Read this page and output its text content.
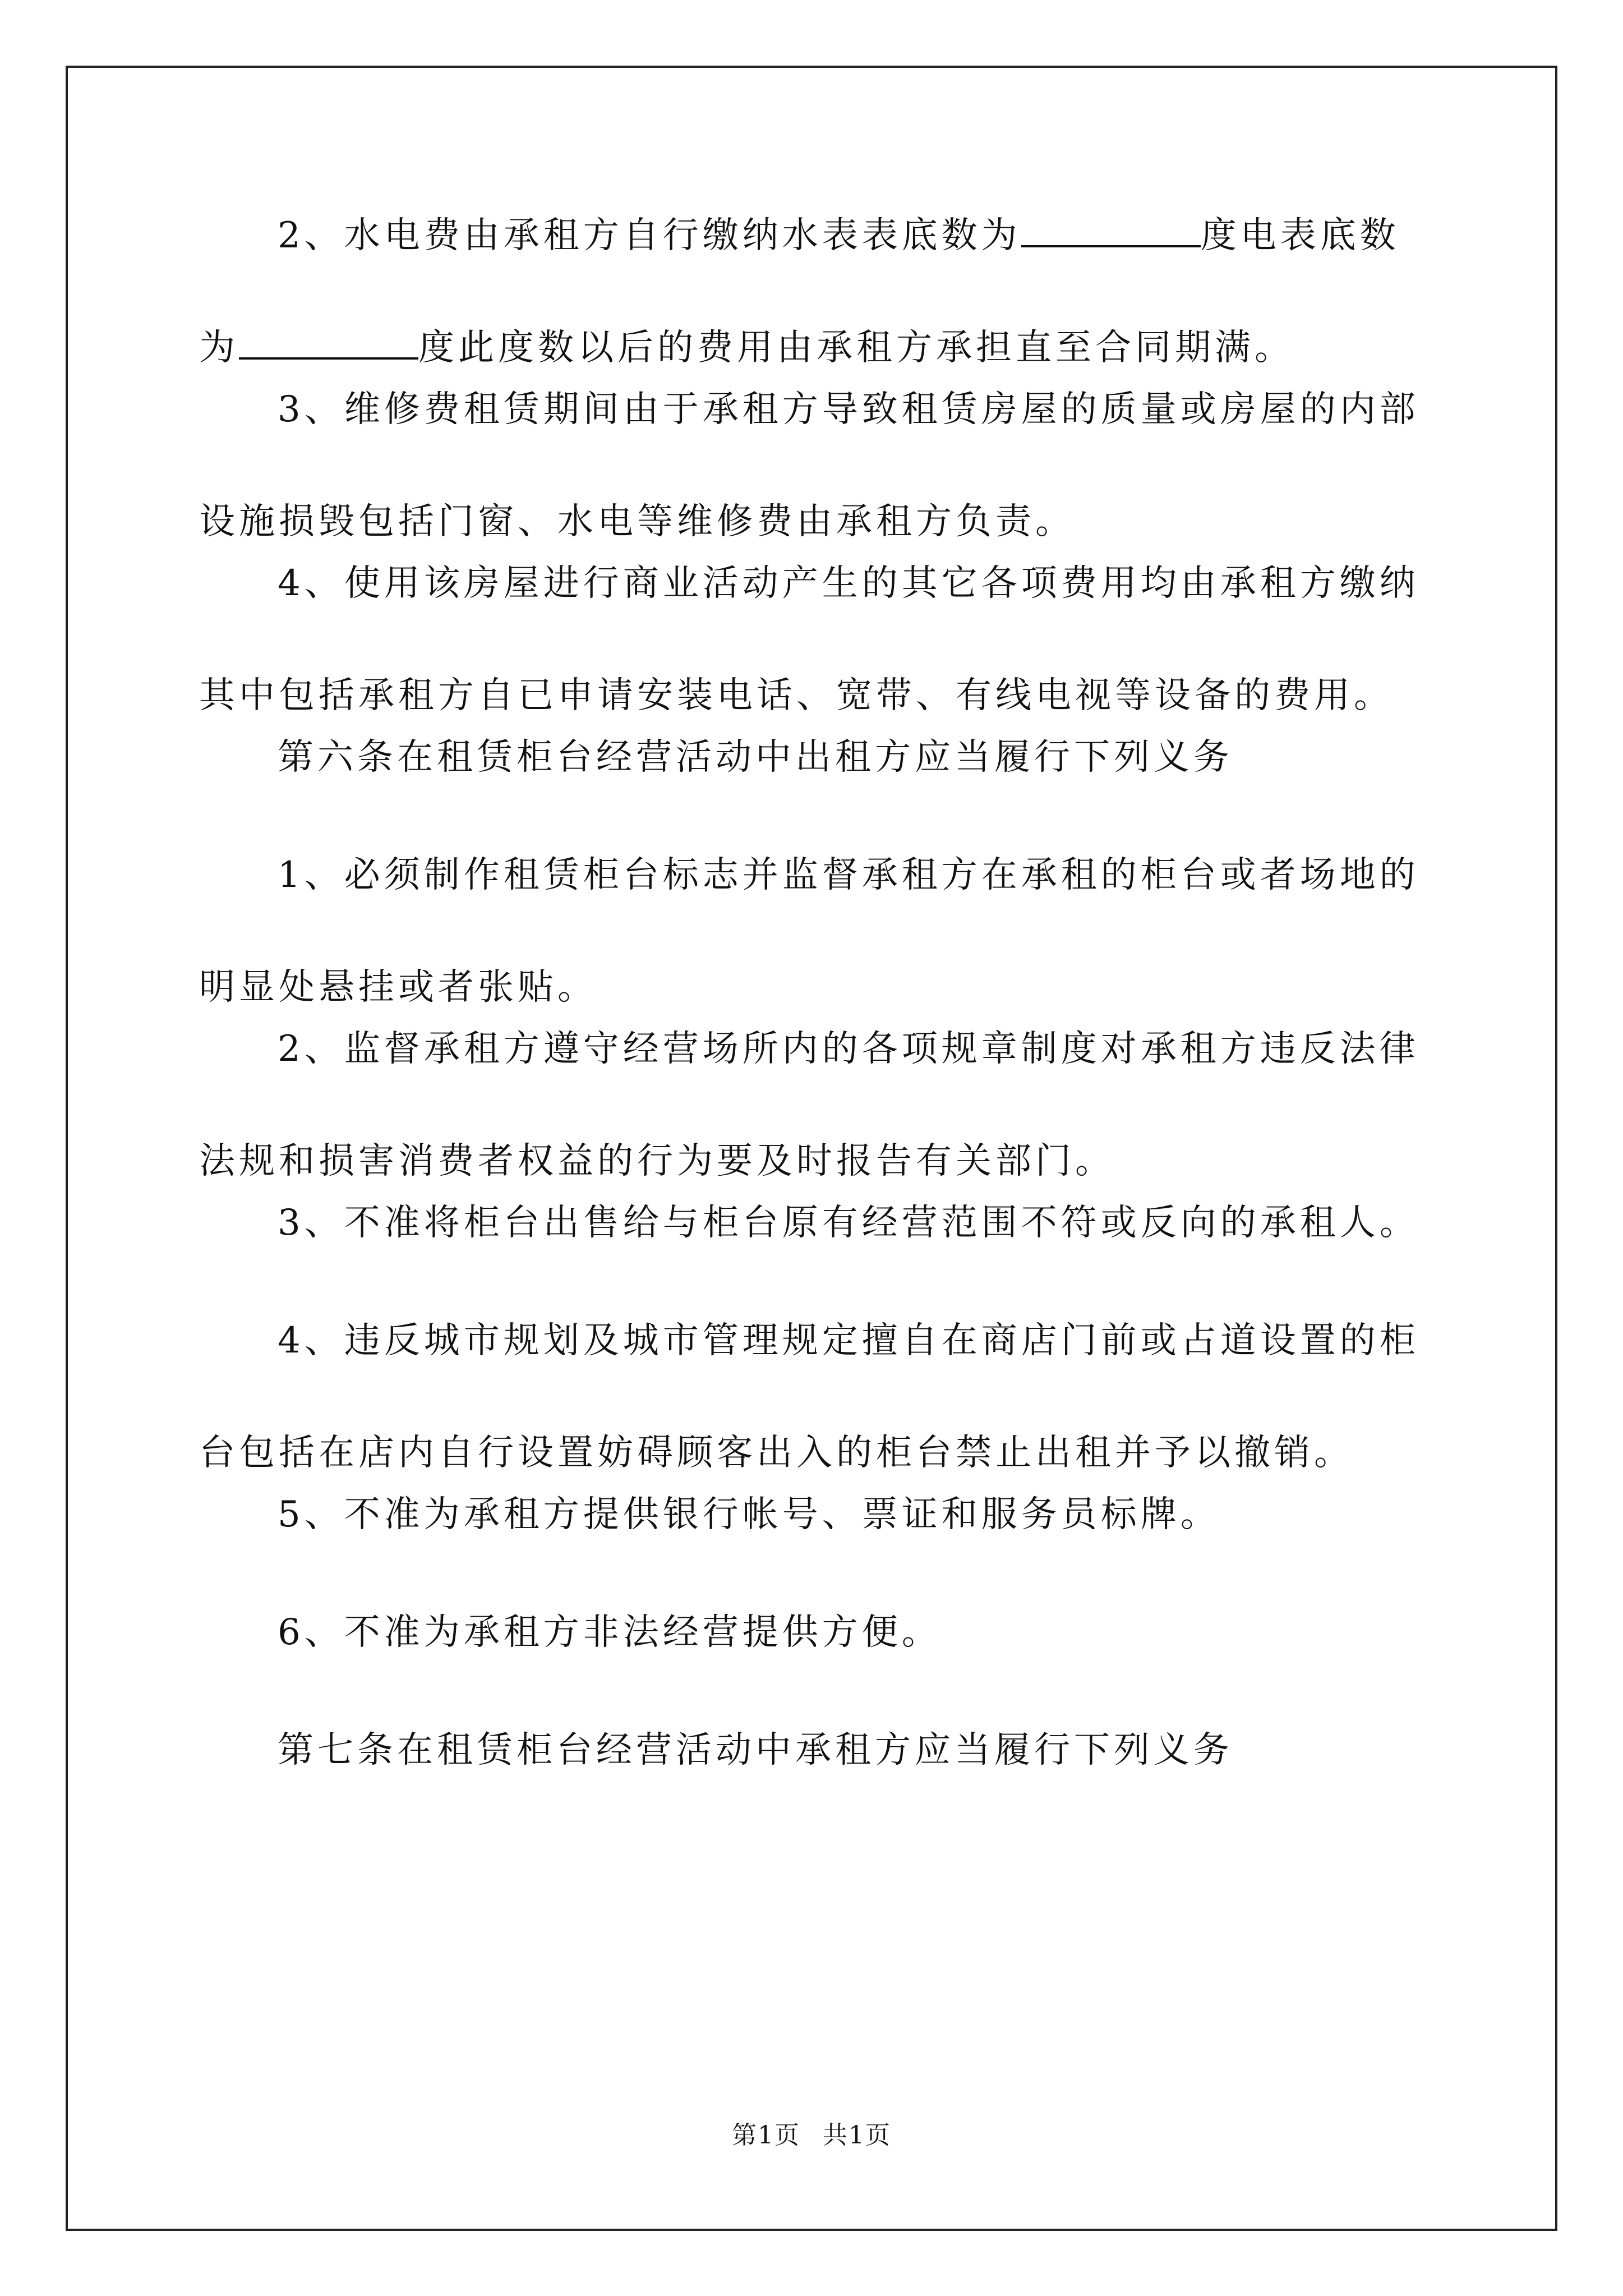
2、水电费由承租方自行缴纳水表表底数为	度电表底数
为	度此度数以后的费用由承租方承担直至合同期满。
3、维修费租赁期间由于承租方导致租赁房屋的质量或房屋的内部
设施损毁包括门窗、水电等维修费由承租方负责。
4、使用该房屋进行商业活动产生的其它各项费用均由承租方缴纳
其中包括承租方自已申请安装电话、宽带、有线电视等设备的费用。
第六条在租赁柜台经营活动中出租方应当履行下列义务
1、必须制作租赁柜台标志并监督承租方在承租的柜台或者场地的
明显处悬挂或者张贴。
2、监督承租方遵守经营场所内的各项规章制度对承租方违反法律
法规和损害消费者权益的行为要及时报告有关部门。
3、不准将柜台出售给与柜台原有经营范围不符或反向的承租人。
4、违反城市规划及城市管理规定擅自在商店门前或占道设置的柜
台包括在店内自行设置妨碍顾客出入的柜台禁止出租并予以撤销。
5、不准为承租方提供银行帐号、票证和服务员标牌。
6、不准为承租方非法经营提供方便。
第七条在租赁柜台经营活动中承租方应当履行下列义务
第1页 共1页
